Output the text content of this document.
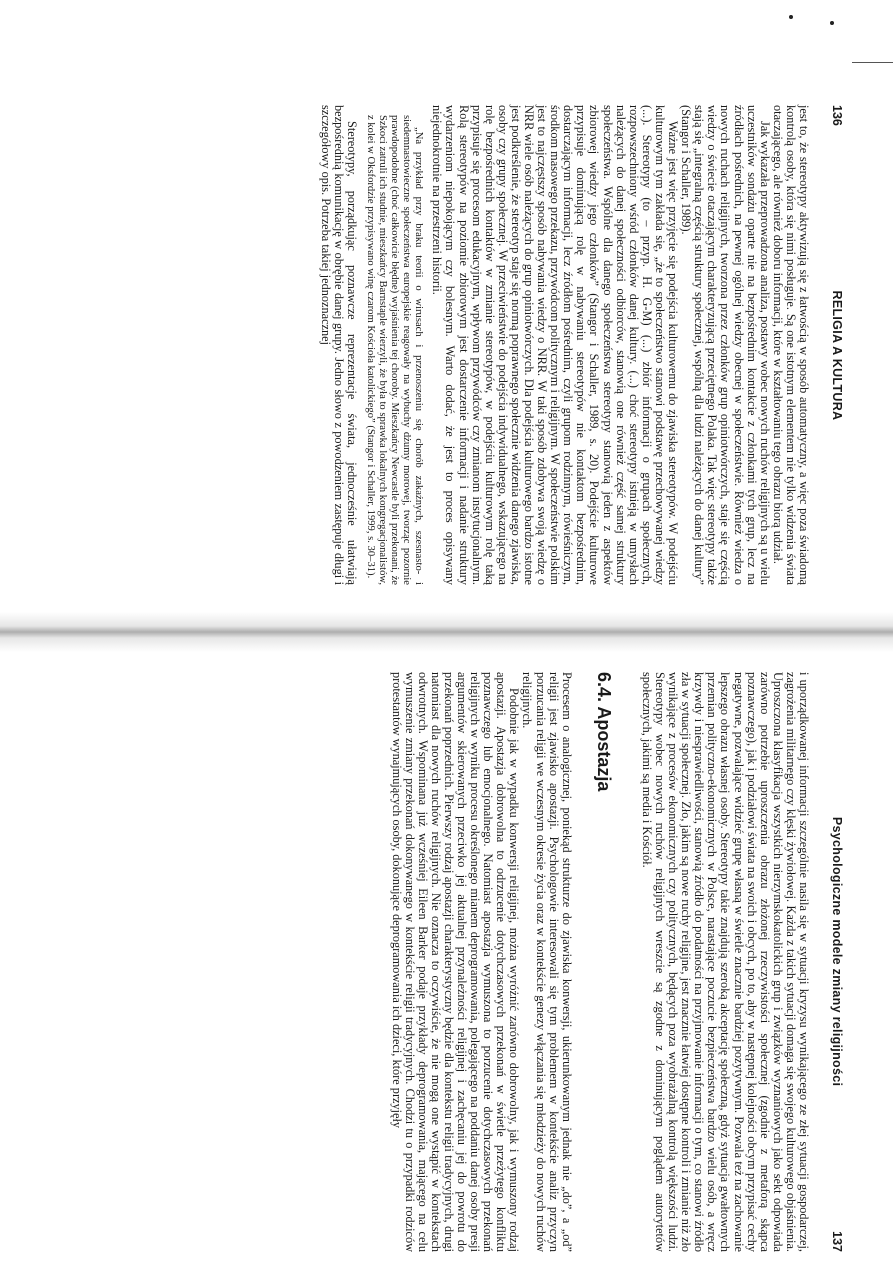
136
RELIGIA A KULTURA

jest to, że stereotypy aktywizują się z łatwością w sposób automatyczny, a więc poza świadomą kontrolą osoby, która się nimi posługuje. Są one istotnym elementem nie tylko widzenia świata otaczającego, ale również doboru informacji, które w kształtowaniu tego obrazu biorą udział.

Jak wykazała przeprowadzona analiza, postawy wobec nowych ruchów religijnych są u wielu uczestników sondażu oparte nie na bezpośrednim kontakcie z członkami tych grup, lecz na źródłach pośrednich, na pewnej ogólnej wiedzy obecnej w społeczeństwie. Również wiedza o nowych ruchach religijnych, tworzona przez członków grup opiniotwórczych, staje się częścią wiedzy o świecie otaczającym charakteryzującą przeciętnego Polaka. Tak więc stereotypy także stają się „integralną częścią struktury społecznej, wspólną dla ludzi należących do danej kultury” (Stangor i Schaller, 1989).

Ważne jest więc przyjęcie się podejścia kulturowemu do zjawiska stereotypów. W podejściu kulturowym tym zakłada się, „że to społeczeństwo stanowi podstawę przechowywanej wiedzy (...). Stereotypy (to – przyp. H. G-M) (...) zbiór informacji o grupach społecznych, rozpowszechniony wśród członków danej kultury. (...) choć stereotypy istnieją w umysłach należących do danej społeczności odbiorców, stanowią one również część samej struktury społeczeństwa. Wspólne dla danego społeczeństwa stereotypy stanowią jeden z aspektów zbiorowej wiedzy jego członków” (Stangor i Schaller, 1989, s. 20). Podejście kulturowe przypisuje dominującą rolę w nabywaniu stereotypów nie kontaktom bezpośrednim, dostarczającym informacji, lecz źródłom pośrednim, czyli grupom rodzinnym, rówieśniczym, środkom masowego przekazu, przywódcom politycznym i religijnym. W społeczeństwie polskim jest to najczęstszy sposób nabywania wiedzy o NRR. W taki sposób zdobywa swoją wiedzę o NRR wiele osób należących do grup opiniotwórczych. Dla podejścia kulturowego bardzo istotne jest podkreślenie, że stereotyp staje się normą poprawnego społecznie widzenia danego zjawiska, osoby czy grupy społecznej. W przeciwieństwie do podejścia indywidualnego, wskazującego na rolę bezpośrednich kontaktów w zmianie stereotypów, w podejściu kulturowym rolę taką przypisuje się procesom edukacyjnym, wpływom przywódców czy zmianom instytucjonalnym. Rolą stereotypów na poziomie zbiorowym jest dostarczenie informacji i nadanie struktury wydarzeniom niepokojącym czy bolesnym. Warto dodać, że jest to proces opisywany niejednokrotnie na przestrzeni historii.

„Na przykład przy braku teorii o wirusach i przenoszeniu się chorób zakaźnych, szesnasto- i siedemnastowieczne społeczeństwa europejskie reagowały na wybuchy dżumy morowej, tworząc pozornie prawdopodobne (choć całkowicie błędne) wyjaśnienia tej choroby. Mieszkańcy Newcastle byli przekonani, że Szkoci zatruli ich studnie, mieszkańcy Barnstaple wierzyli, że była to sprawka lokalnych kongregacjonalistów, z kolei w Oksfordzie przypisywano winę czarom Kościoła katolickiego” (Stangor i Schaller, 1999, s. 30–31).

Stereotypy, porządkując poznawcze reprezentacje świata, jednocześnie ułatwiają bezpośrednią komunikację w obrębie danej grupy. Jedno słowo z powodzeniem zastępuje długi i szczegółowy opis. Potrzeba takiej jednoznacznej

Psychologiczne modele zmiany religijności
137

i uporządkowanej informacji szczególnie nasila się w sytuacji kryzysu wynikającego ze złej sytuacji gospodarczej, zagrożenia militarnego czy klęski żywiołowej. Każda z takich sytuacji domaga się swojego kulturowego objaśnienia. Uproszczona klasyfikacja wszystkich nierzymskokatolickich grup i związków wyznaniowych jako sekt odpowiada zarówno potrzebie uproszczenia obrazu złożonej rzeczywistości społecznej (zgodnie z metaforą skąpca poznawczego), jak i podziałowi świata na swoich i obcych, po to, aby w następnej kolejności obcym przypisać cechy negatywne, pozwalające widzieć grupę własną w świetle znacznie bardziej pozytywnym. Pozwala też na zachowanie lepszego obrazu własnej osoby. Stereotypy takie znajdują szeroką akceptację społeczną, gdyż sytuacja gwałtownych przemian polityczno-ekonomicznych w Polsce, narastające poczucie bezpieczeństwa bardzo wielu osób, a wręcz krzywdy i niesprawiedliwości, stanowią źródło do podatności na przyjmowanie informacji o tym, co stanowi źródło zła w sytuacji społecznej. Zło, jakim są nowe ruchy religijne, jest znacznie łatwiej dostępne kontroli i zmianie niż zło wynikające z procesów ekonomicznych czy politycznych, będących poza wyobrażalną kontrolą większości ludzi. Stereotypy wobec nowych ruchów religijnych wreszcie są zgodne z dominującym poglądem autorytetów społecznych, jakimi są media i Kościół.

6.4. Apostazja

Procesem o analogicznej, poniekąd strukturze do zjawiska konwersji, ukierunkowanym jednak nie „do”, a „od” religii jest zjawisko apostazji. Psychologowie interesowali się tym problemem w kontekście analiz przyczyn porzucania religii we wczesnym okresie życia oraz w kontekście genezy włączania się młodzieży do nowych ruchów religijnych.

Podobnie jak w wypadku konwersji religijnej, można wyróżnić zarówno dobrowolny, jak i wymuszony rodzaj apostazji. Apostazja dobrowolna to odrzucenie dotychczasowych przekonań w świetle przeżytego konfliktu poznawczego lub emocjonalnego. Natomiast apostazja wymuszona to porzucenie dotychczasowych przekonań religijnych w wyniku procesu określonego mianem deprogramowania, polegającego na poddaniu danej osoby presji argumentów skierowanych przeciwko jej aktualnej przynależności religijnej i zachęcaniu jej do powrotu do przekonań poprzednich. Pierwszy rodzaj apostazji charakterystyczny będzie dla kontekstu religii tradycyjnych, drugi natomiast dla nowych ruchów religijnych. Nie oznacza to oczywiście, że nie mogą one wystąpić w kontekstach odwrotnych. Wspominana już wcześniej Eileen Barker podaje przykłady deprogramowania, mającego na celu wymuszenie zmiany przekonań dokonywanego w kontekście religii tradycyjnych. Chodzi tu o przypadki rodziców protestantów wynajmujących osoby, dokonujące deprogramowania ich dzieci, które przyjęły
